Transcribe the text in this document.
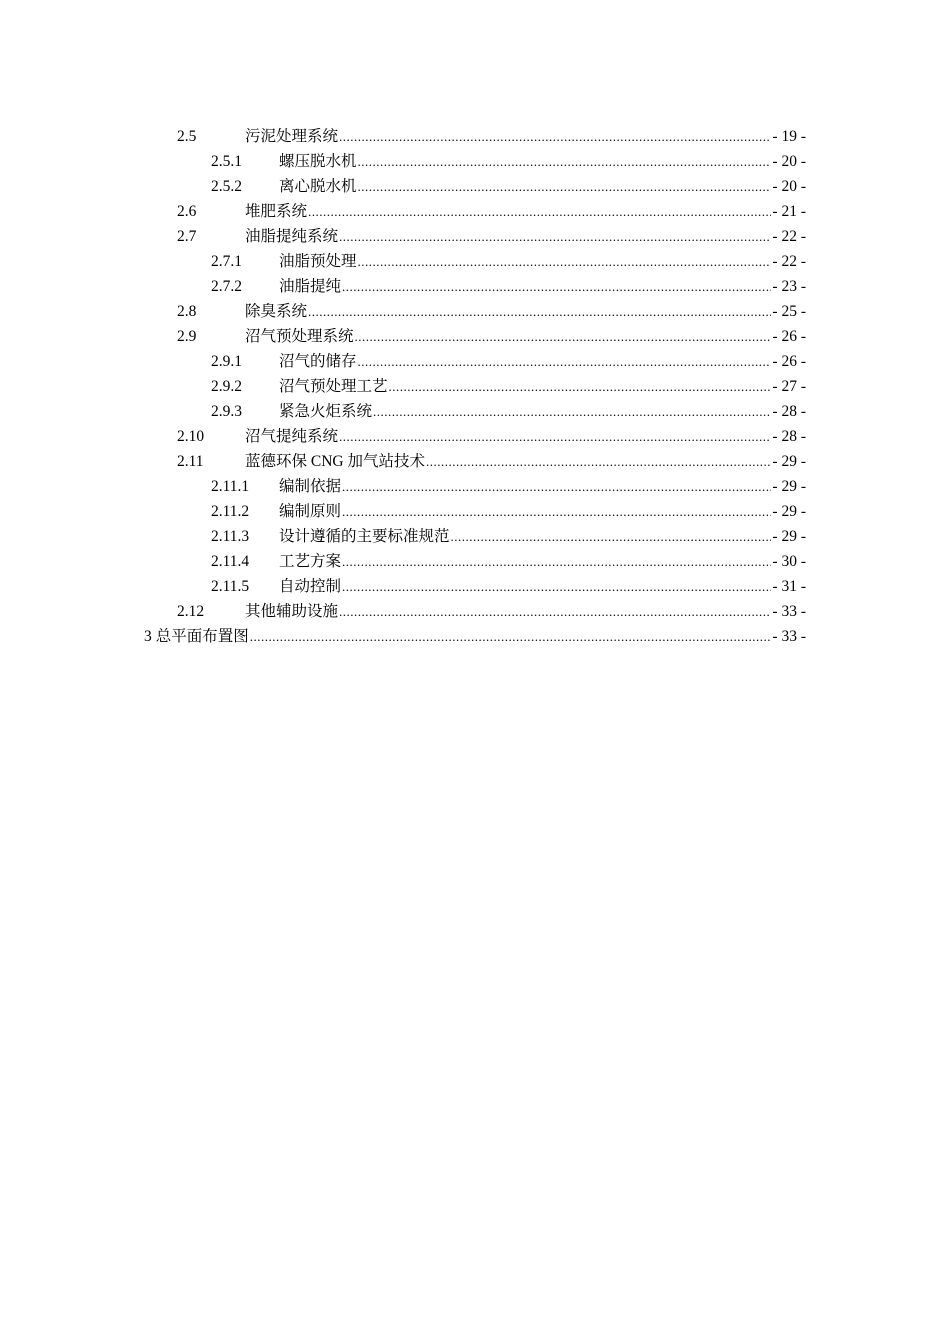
2.5	污泥处理系统 .....	- 19 -
2.5.1	螺压脱水机 .....	- 20 -
2.5.2	离心脱水机 .....	- 20 -
2.6	堆肥系统 .....	- 21 -
2.7	油脂提纯系统 .....	- 22 -
2.7.1	油脂预处理 .....	- 22 -
2.7.2	油脂提纯 .....	- 23 -
2.8	除臭系统 .....	- 25 -
2.9	沼气预处理系统 .....	- 26 -
2.9.1	沼气的储存 .....	- 26 -
2.9.2	沼气预处理工艺 .....	- 27 -
2.9.3	紧急火炬系统 .....	- 28 -
2.10	沼气提纯系统 .....	- 28 -
2.11	蓝德环保 CNG 加气站技术 .....	- 29 -
2.11.1	编制依据 .....	- 29 -
2.11.2	编制原则 .....	- 29 -
2.11.3	设计遵循的主要标准规范 .....	- 29 -
2.11.4	工艺方案 .....	- 30 -
2.11.5	自动控制 .....	- 31 -
2.12	其他辅助设施 .....	- 33 -
3 总平面布置图 .....	- 33 -
